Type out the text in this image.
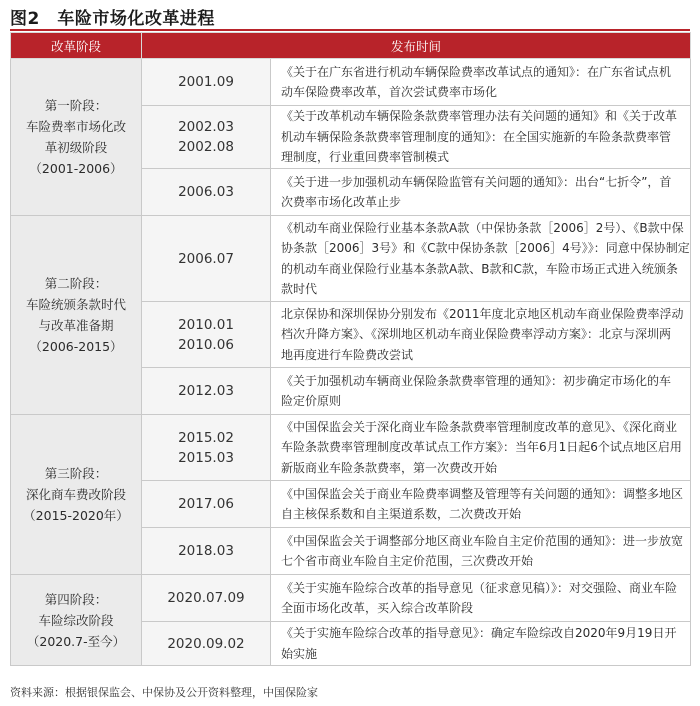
图2　车险市场化改革进程
改革阶段	发布时间	

第一阶段：
车险费率市场化改
革初级阶段
（2001-2006）	2001.09	《关于在广东省进行机动车辆保险费率改革试点的通知》：在广东省试点机
动车保险费率改革，首次尝试费率市场化

	2002.03
2002.08	《关于改革机动车辆保险条款费率管理办法有关问题的通知》和《关于改革
机动车辆保险条款费率管理制度的通知》：在全国实施新的车险条款费率管
理制度，行业重回费率管制模式

	2006.03	《关于进一步加强机动车辆保险监管有关问题的通知》：出台“七折令”，首
次费率市场化改革止步

第二阶段：
车险统颁条款时代
与改革准备期
（2006-2015）	2006.07	《机动车商业保险行业基本条款A款（中保协条款［2006］2号）、《B款中保
协条款［2006］3号》和《C款中保协条款［2006］4号》》：同意中保协制定
的机动车商业保险行业基本条款A款、B款和C款，车险市场正式进入统颁条
款时代

	2010.01
2010.06	北京保协和深圳保协分别发布《2011年度北京地区机动车商业保险费率浮动
档次升降方案》、《深圳地区机动车商业保险费率浮动方案》：北京与深圳两
地再度进行车险费改尝试

	2012.03	《关于加强机动车辆商业保险条款费率管理的通知》：初步确定市场化的车
险定价原则

第三阶段：
深化商车费改阶段
（2015-2020年）	2015.02
2015.03	《中国保监会关于深化商业车险条款费率管理制度改革的意见》、《深化商业
车险条款费率管理制度改革试点工作方案》：当年6月1日起6个试点地区启用
新版商业车险条款费率，第一次费改开始

	2017.06	《中国保监会关于商业车险费率调整及管理等有关问题的通知》：调整多地区
自主核保系数和自主渠道系数，二次费改开始

	2018.03	《中国保监会关于调整部分地区商业车险自主定价范围的通知》：进一步放宽
七个省市商业车险自主定价范围，三次费改开始

第四阶段：
车险综改阶段
（2020.7-至今）	2020.07.09	《关于实施车险综合改革的指导意见（征求意见稿）》：对交强险、商业车险
全面市场化改革，买入综合改革阶段

	2020.09.02	《关于实施车险综合改革的指导意见》：确定车险综改自2020年9月19日开
始实施
资料来源：根据银保监会、中保协及公开资料整理，中国保险家
